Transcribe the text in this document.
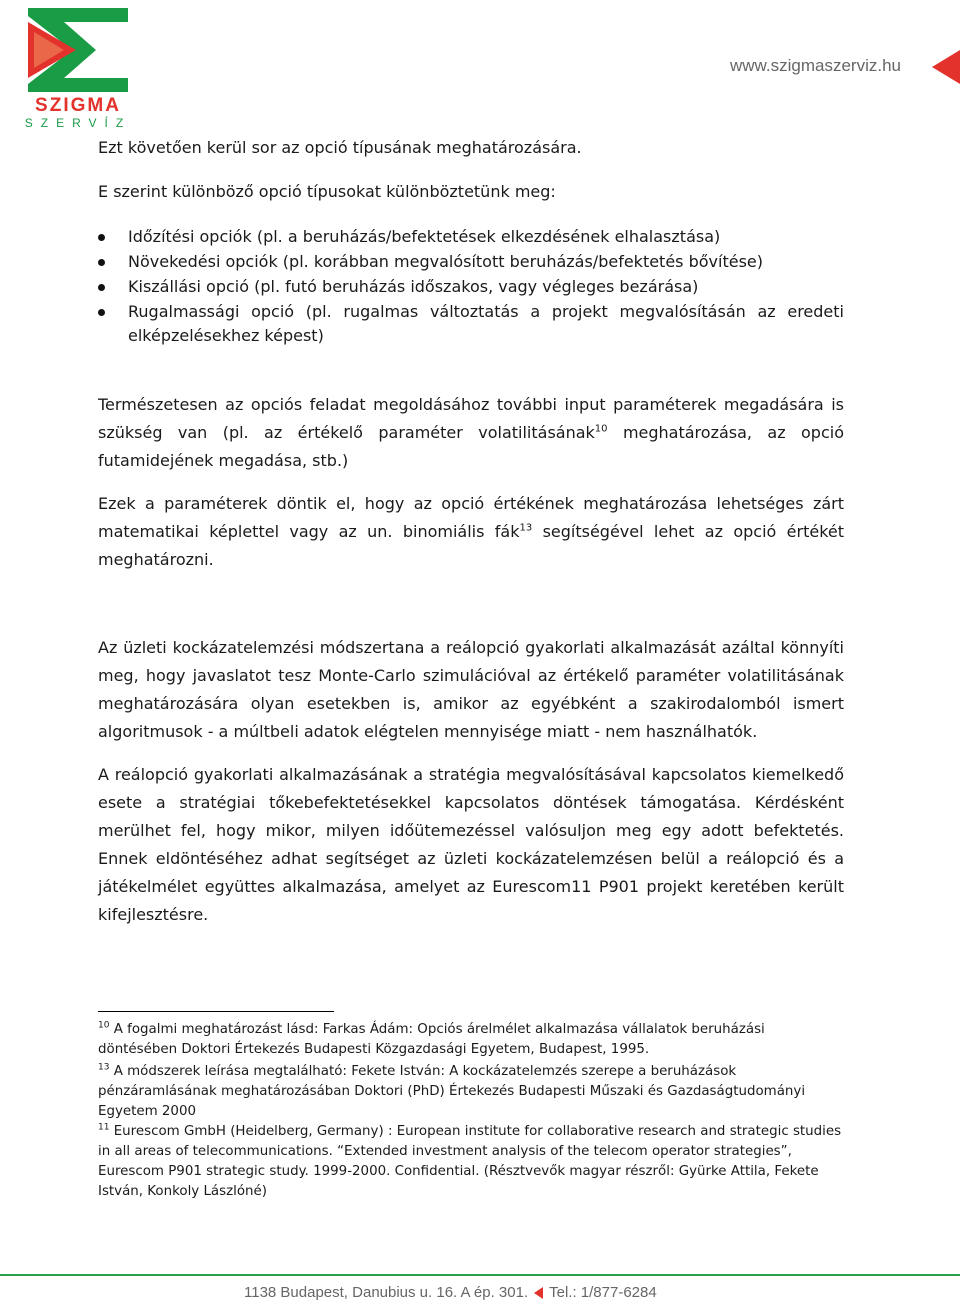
SZIGMA
SZERVÍZ
www.szigmaszerviz.hu

Ezt követően kerül sor az opció típusának meghatározására.

E szerint különböző opció típusokat különböztetünk meg:

Időzítési opciók (pl. a beruházás/befektetések elkezdésének elhalasztása)
Növekedési opciók (pl. korábban megvalósított beruházás/befektetés bővítése)
Kiszállási opció (pl. futó beruházás időszakos, vagy végleges bezárása)
Rugalmassági opció (pl. rugalmas változtatás a projekt megvalósításán az eredeti elképzelésekhez képest)

Természetesen az opciós feladat megoldásához további input paraméterek megadására is szükség van (pl. az értékelő paraméter volatilitásának$^{10}$ meghatározása, az opció futamidejének megadása, stb.)

Ezek a paraméterek döntik el, hogy az opció értékének meghatározása lehetséges zárt matematikai képlettel vagy az un. binomiális fák$^{13}$ segítségével lehet az opció értékét meghatározni.

Az üzleti kockázatelemzési módszertana a reálopció gyakorlati alkalmazását azáltal könnyíti meg, hogy javaslatot tesz Monte-Carlo szimulációval az értékelő paraméter volatilitásának meghatározására olyan esetekben is, amikor az egyébként a szakirodalomból ismert algoritmusok - a múltbeli adatok elégtelen mennyisége miatt - nem használhatók.

A reálopció gyakorlati alkalmazásának a stratégia megvalósításával kapcsolatos kiemelkedő esete a stratégiai tőkebefektetésekkel kapcsolatos döntések támogatása. Kérdésként merülhet fel, hogy mikor, milyen időütemezéssel valósuljon meg egy adott befektetés. Ennek eldöntéséhez adhat segítséget az üzleti kockázatelemzésen belül a reálopció és a játékelmélet együttes alkalmazása, amelyet az Eurescom11 P901 projekt keretében került kifejlesztésre.

$^{10}$ A fogalmi meghatározást lásd: Farkas Ádám: Opciós árelmélet alkalmazása vállalatok beruházási döntésében Doktori Értekezés Budapesti Közgazdasági Egyetem, Budapest, 1995.

$^{13}$ A módszerek leírása megtalálható: Fekete István: A kockázatelemzés szerepe a beruházások pénzáramlásának meghatározásában Doktori (PhD) Értekezés Budapesti Műszaki és Gazdaságtudományi Egyetem 2000

$^{11}$ Eurescom GmbH (Heidelberg, Germany) : European institute for collaborative research and strategic studies in all areas of telecommunications. “Extended investment analysis of the telecom operator strategies”, Eurescom P901 strategic study. 1999-2000. Confidential. (Résztvevők magyar részről: Gyürke Attila, Fekete István, Konkoly Lászlóné)

1138 Budapest, Danubius u. 16. A ép. 301. Tel.: 1/877-6284
